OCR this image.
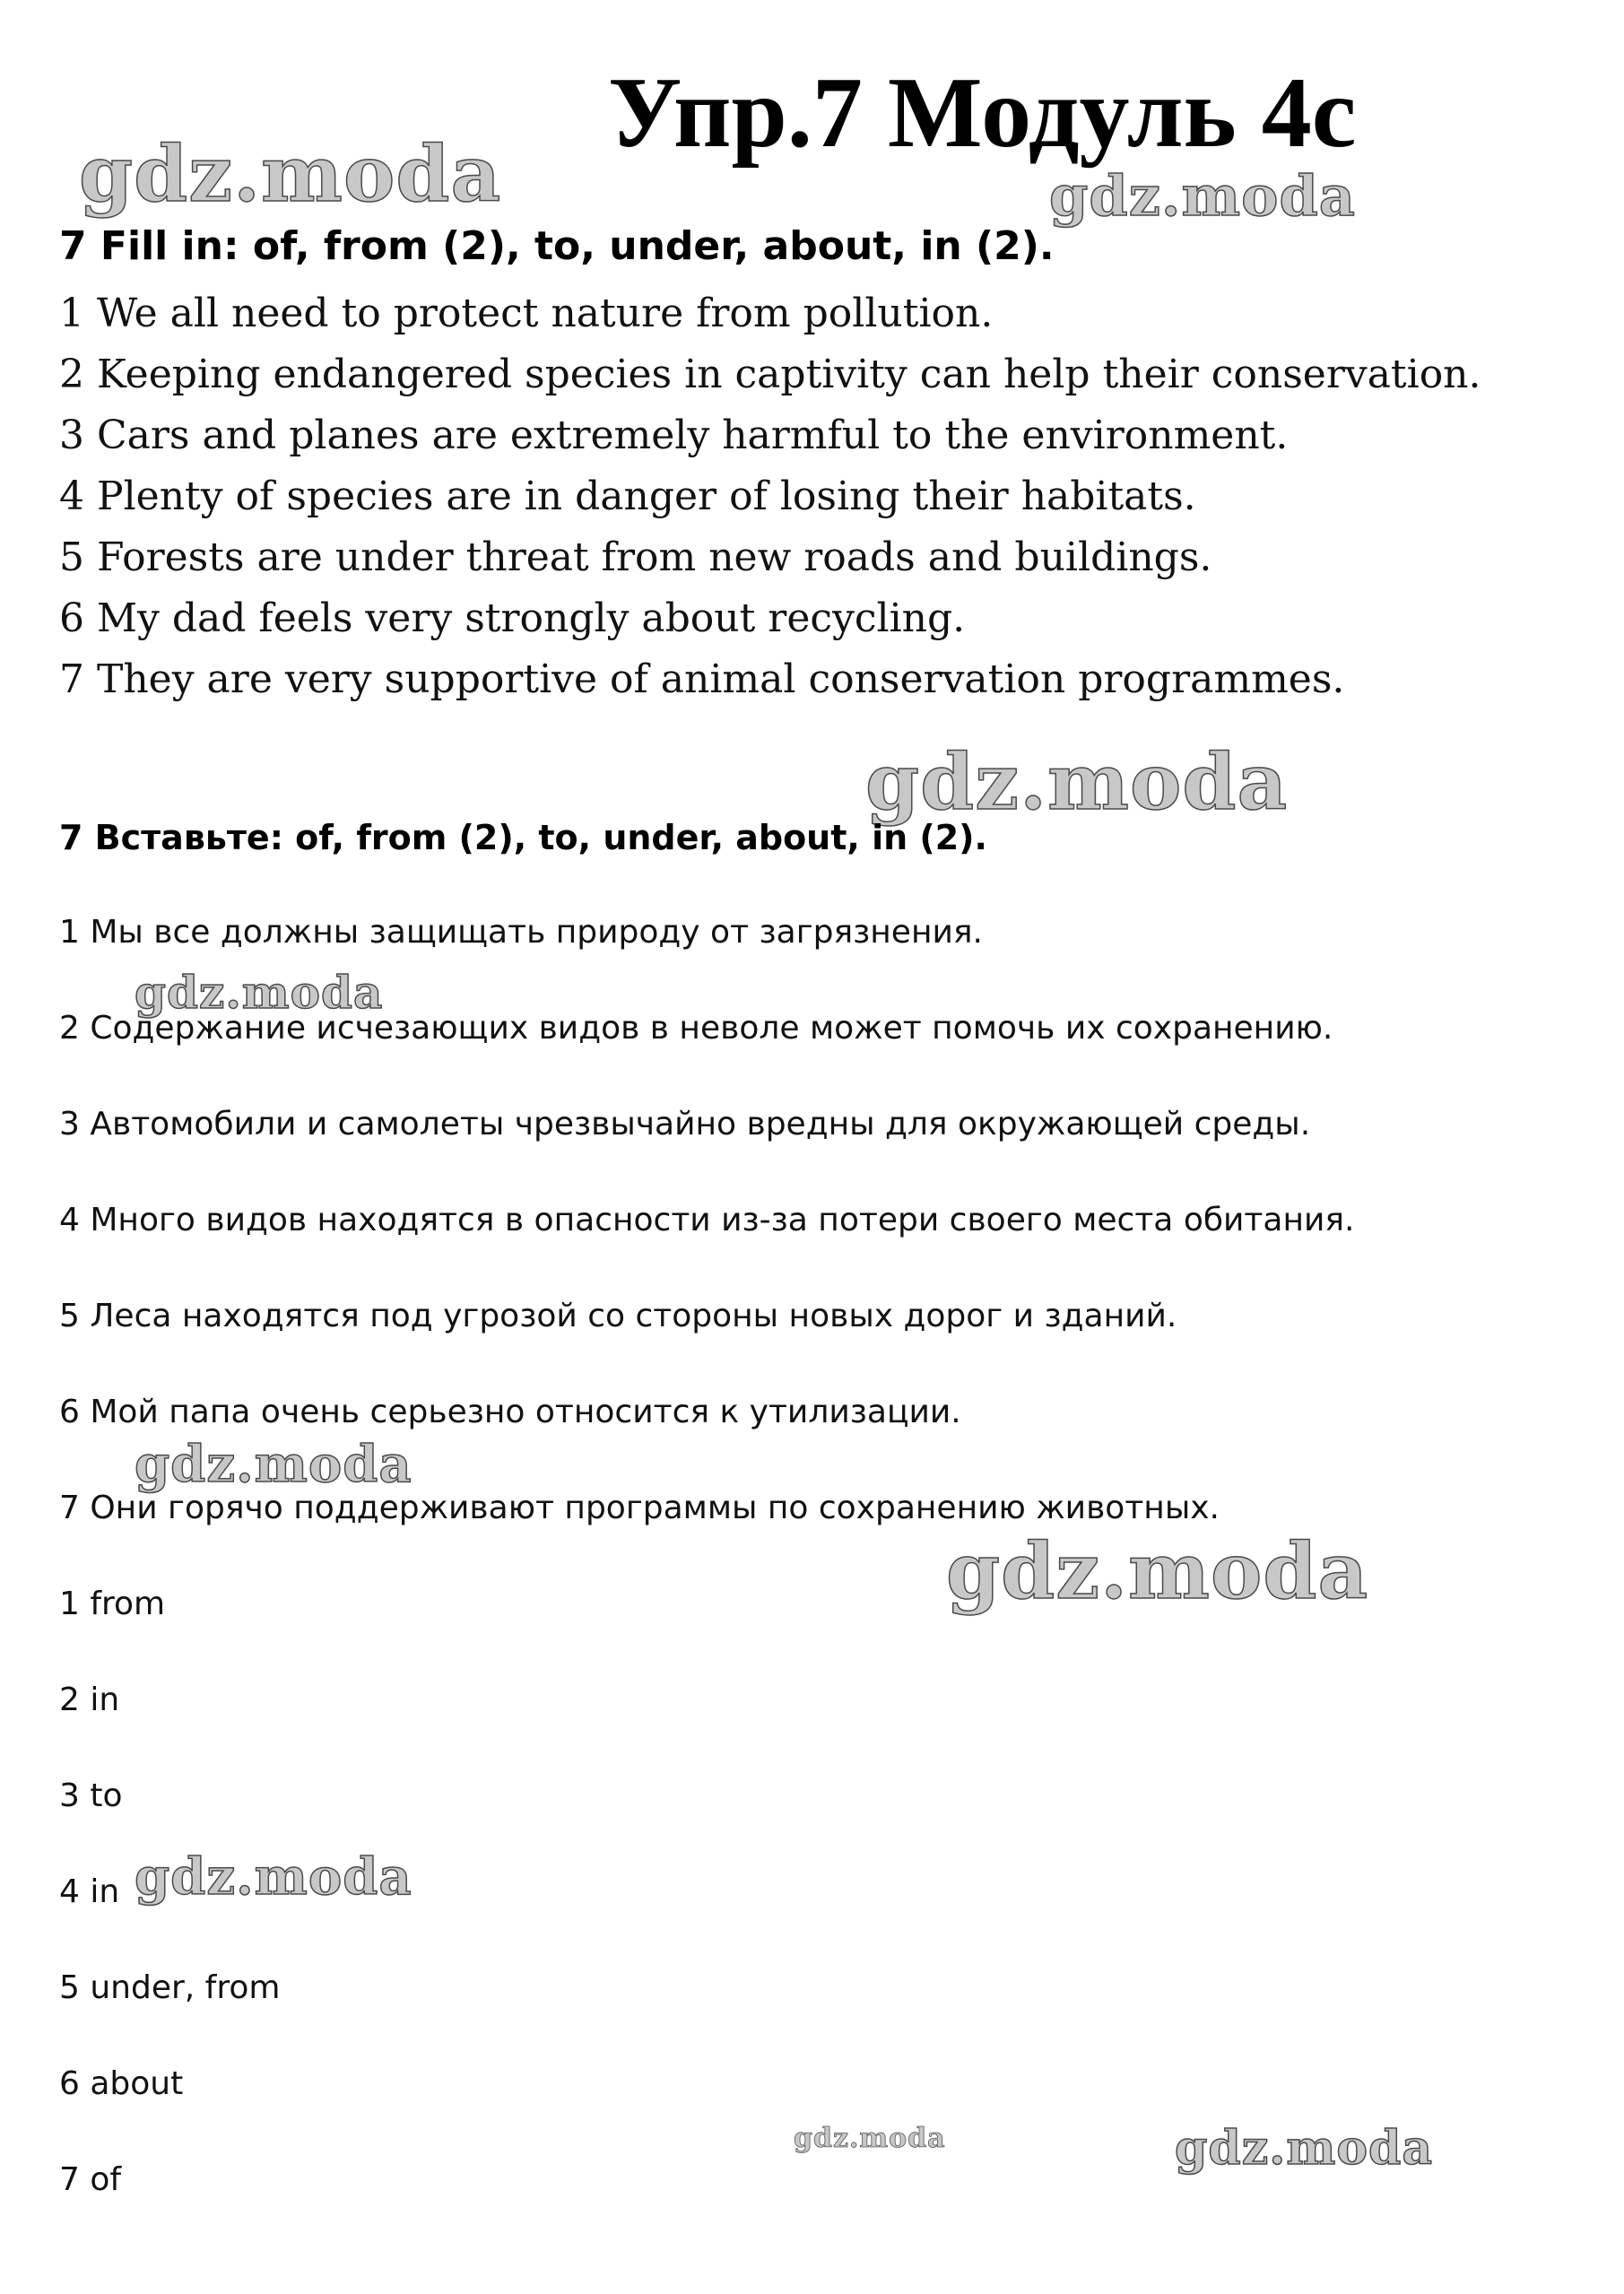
gdz.moda	gdz.moda
gdz.moda
gdz.moda
gdz.moda
gdz.moda
gdz.moda
gdz.moda	gdz.moda
Упр.7 Модуль 4с
7 Fill in: of, from (2), to, under, about, in (2).
1 We all need to protect nature from pollution.
2 Keeping endangered species in captivity can help their conservation.
3 Cars and planes are extremely harmful to the environment.
4 Plenty of species are in danger of losing their habitats.
5 Forests are under threat from new roads and buildings.
6 My dad feels very strongly about recycling.
7 They are very supportive of animal conservation programmes.
7 Вставьте: of, from (2), to, under, about, in (2).
1 Мы все должны защищать природу от загрязнения.
2 Содержание исчезающих видов в неволе может помочь их сохранению.
3 Автомобили и самолеты чрезвычайно вредны для окружающей среды.
4 Много видов находятся в опасности из-за потери своего места обитания.
5 Леса находятся под угрозой со стороны новых дорог и зданий.
6 Мой папа очень серьезно относится к утилизации.
7 Они горячо поддерживают программы по сохранению животных.
1 from
2 in
3 to
4 in
5 under, from
6 about
7 of
